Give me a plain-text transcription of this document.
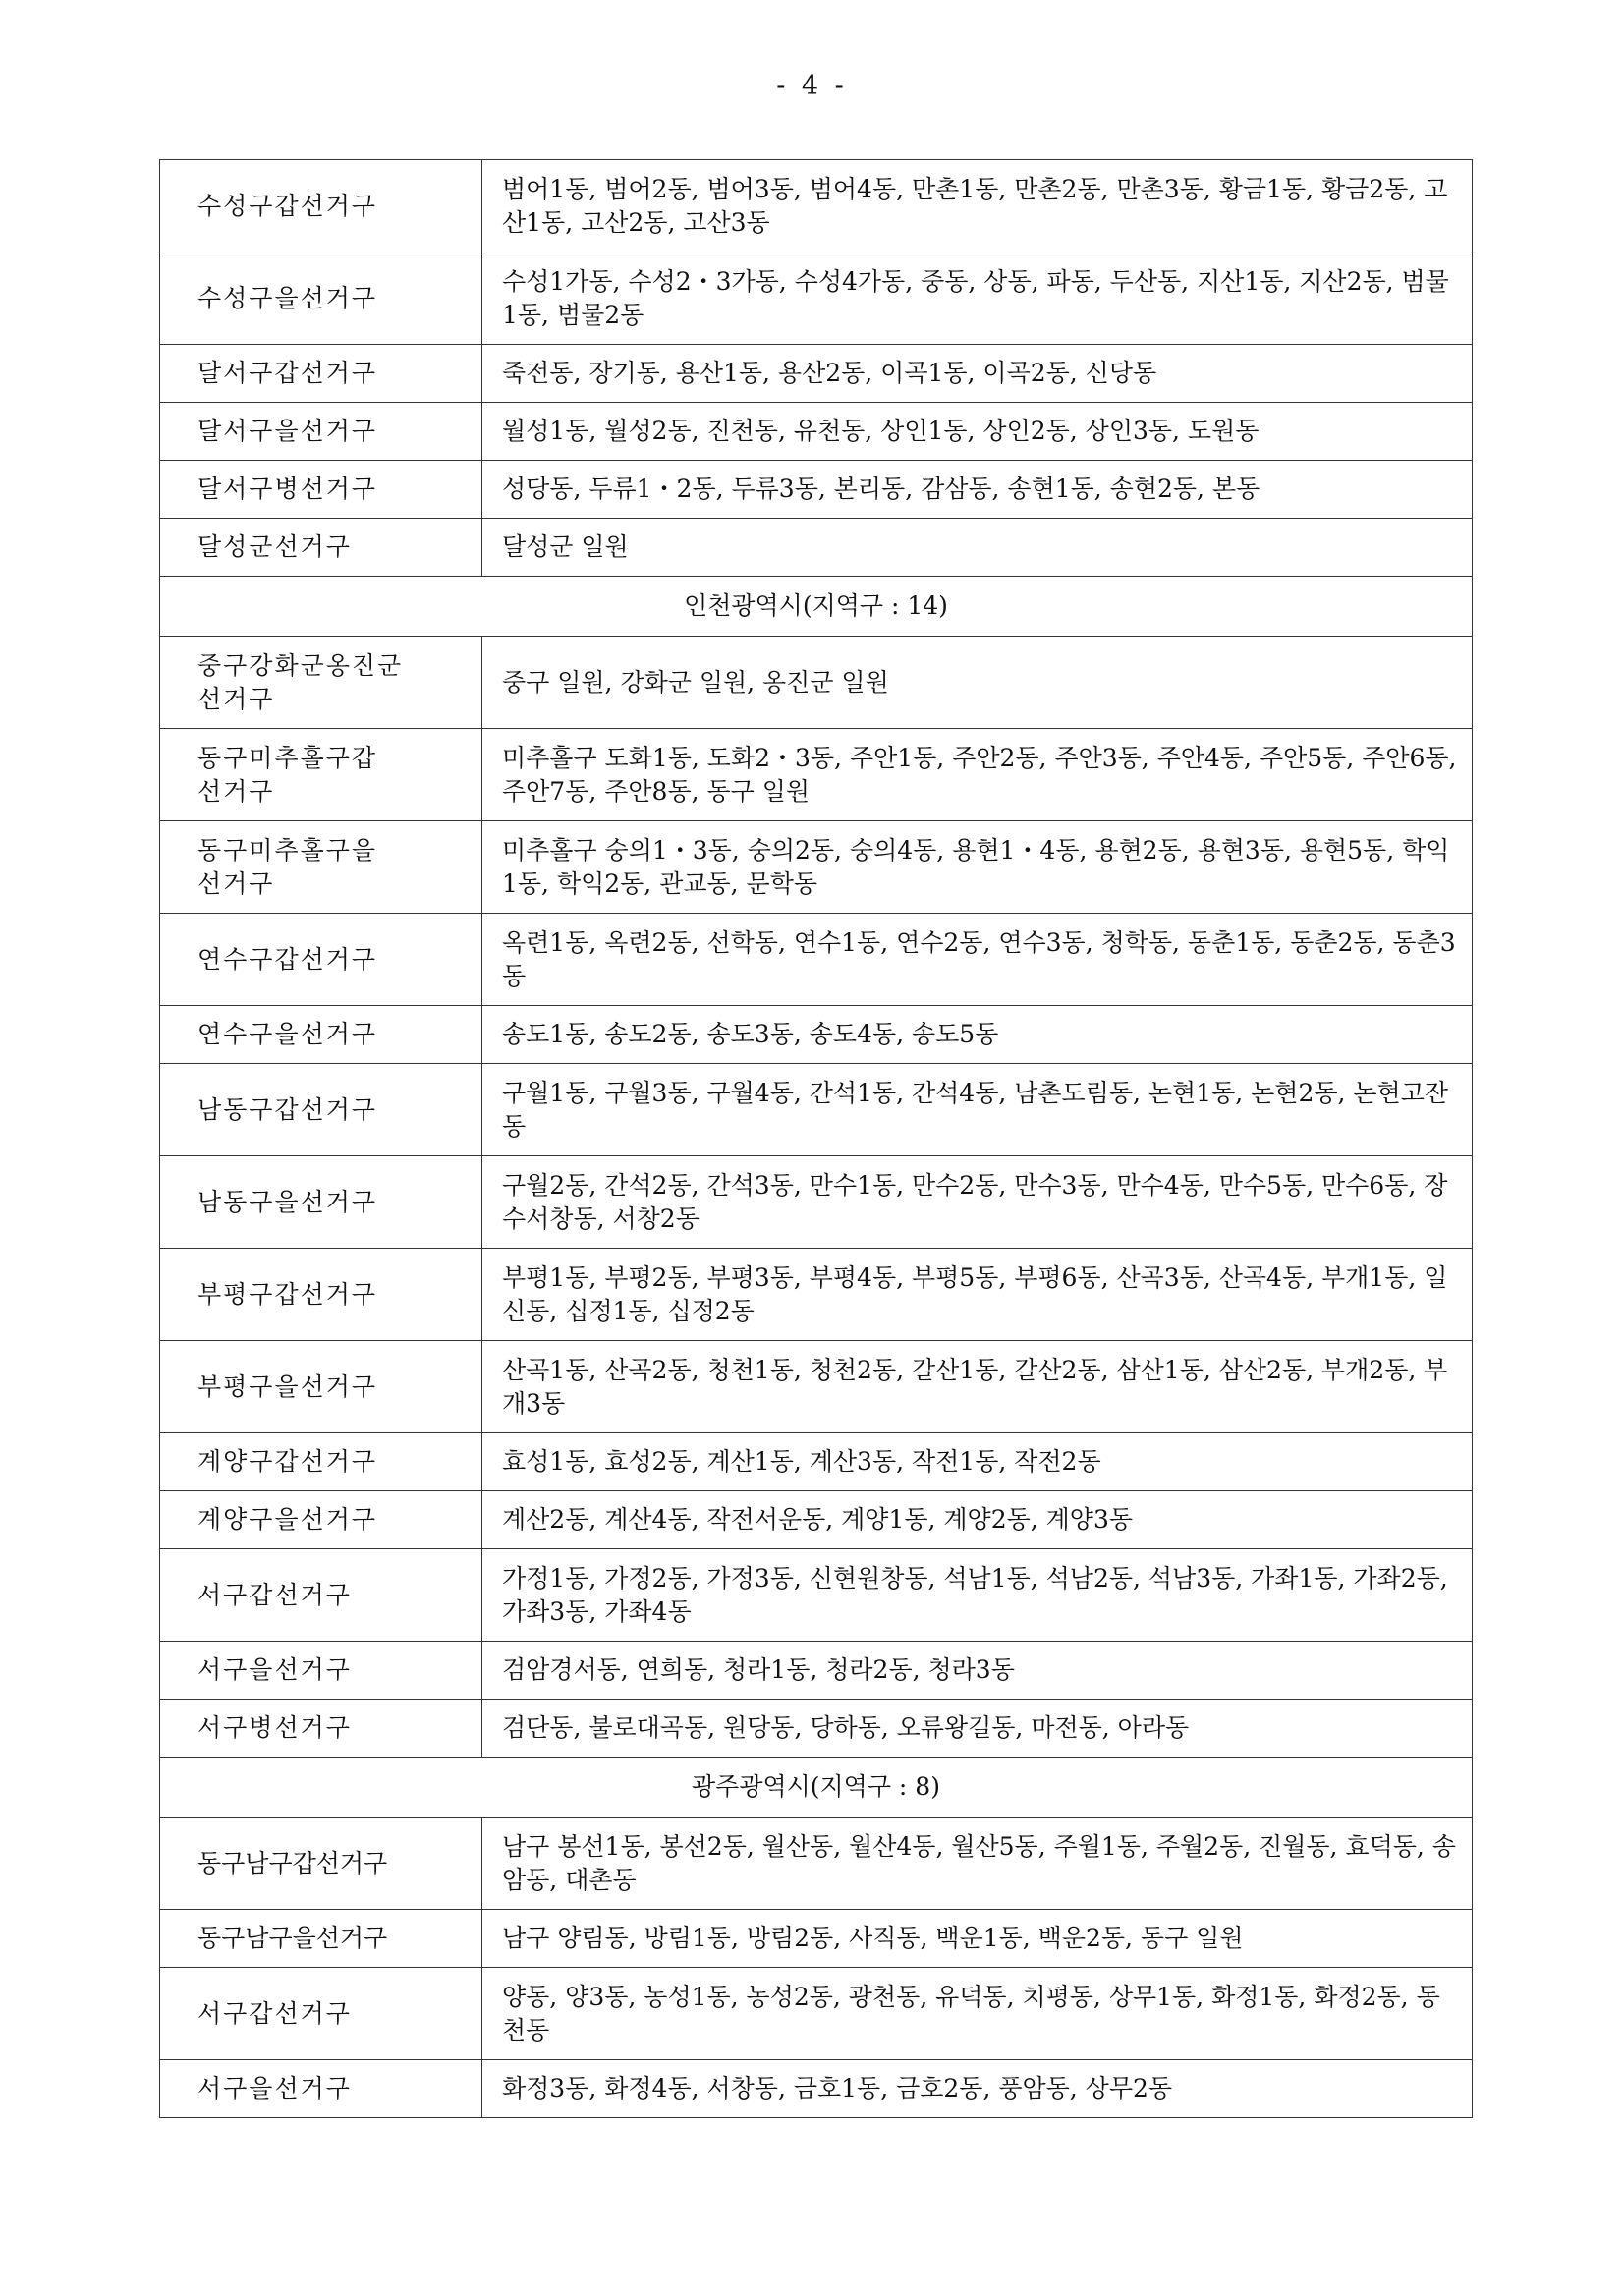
- 4 -
수성구갑선거구	범어1동, 범어2동, 범어3동, 범어4동, 만촌1동, 만촌2동, 만촌3동, 황금1동, 황금2동, 고산1동, 고산2동, 고산3동
수성구을선거구	수성1가동, 수성2・3가동, 수성4가동, 중동, 상동, 파동, 두산동, 지산1동, 지산2동, 범물1동, 범물2동
달서구갑선거구	죽전동, 장기동, 용산1동, 용산2동, 이곡1동, 이곡2동, 신당동
달서구을선거구	월성1동, 월성2동, 진천동, 유천동, 상인1동, 상인2동, 상인3동, 도원동
달서구병선거구	성당동, 두류1・2동, 두류3동, 본리동, 감삼동, 송현1동, 송현2동, 본동
달성군선거구	달성군 일원
인천광역시(지역구 : 14)	

중구강화군옹진군
선거구	중구 일원, 강화군 일원, 옹진군 일원

동구미추홀구갑
선거구	미추홀구 도화1동, 도화2・3동, 주안1동, 주안2동, 주안3동, 주안4동, 주안5동, 주안6동, 주안7동, 주안8동, 동구 일원

동구미추홀구을
선거구	미추홀구 숭의1・3동, 숭의2동, 숭의4동, 용현1・4동, 용현2동, 용현3동, 용현5동, 학익1동, 학익2동, 관교동, 문학동
연수구갑선거구	옥련1동, 옥련2동, 선학동, 연수1동, 연수2동, 연수3동, 청학동, 동춘1동, 동춘2동, 동춘3동
연수구을선거구	송도1동, 송도2동, 송도3동, 송도4동, 송도5동
남동구갑선거구	구월1동, 구월3동, 구월4동, 간석1동, 간석4동, 남촌도림동, 논현1동, 논현2동, 논현고잔동
남동구을선거구	구월2동, 간석2동, 간석3동, 만수1동, 만수2동, 만수3동, 만수4동, 만수5동, 만수6동, 장수서창동, 서창2동
부평구갑선거구	부평1동, 부평2동, 부평3동, 부평4동, 부평5동, 부평6동, 산곡3동, 산곡4동, 부개1동, 일신동, 십정1동, 십정2동
부평구을선거구	산곡1동, 산곡2동, 청천1동, 청천2동, 갈산1동, 갈산2동, 삼산1동, 삼산2동, 부개2동, 부개3동
계양구갑선거구	효성1동, 효성2동, 계산1동, 계산3동, 작전1동, 작전2동
계양구을선거구	계산2동, 계산4동, 작전서운동, 계양1동, 계양2동, 계양3동
서구갑선거구	가정1동, 가정2동, 가정3동, 신현원창동, 석남1동, 석남2동, 석남3동, 가좌1동, 가좌2동, 가좌3동, 가좌4동
서구을선거구	검암경서동, 연희동, 청라1동, 청라2동, 청라3동
서구병선거구	검단동, 불로대곡동, 원당동, 당하동, 오류왕길동, 마전동, 아라동
광주광역시(지역구 : 8)	
동구남구갑선거구	남구 봉선1동, 봉선2동, 월산동, 월산4동, 월산5동, 주월1동, 주월2동, 진월동, 효덕동, 송암동, 대촌동
동구남구을선거구	남구 양림동, 방림1동, 방림2동, 사직동, 백운1동, 백운2동, 동구 일원
서구갑선거구	양동, 양3동, 농성1동, 농성2동, 광천동, 유덕동, 치평동, 상무1동, 화정1동, 화정2동, 동천동
서구을선거구	화정3동, 화정4동, 서창동, 금호1동, 금호2동, 풍암동, 상무2동
